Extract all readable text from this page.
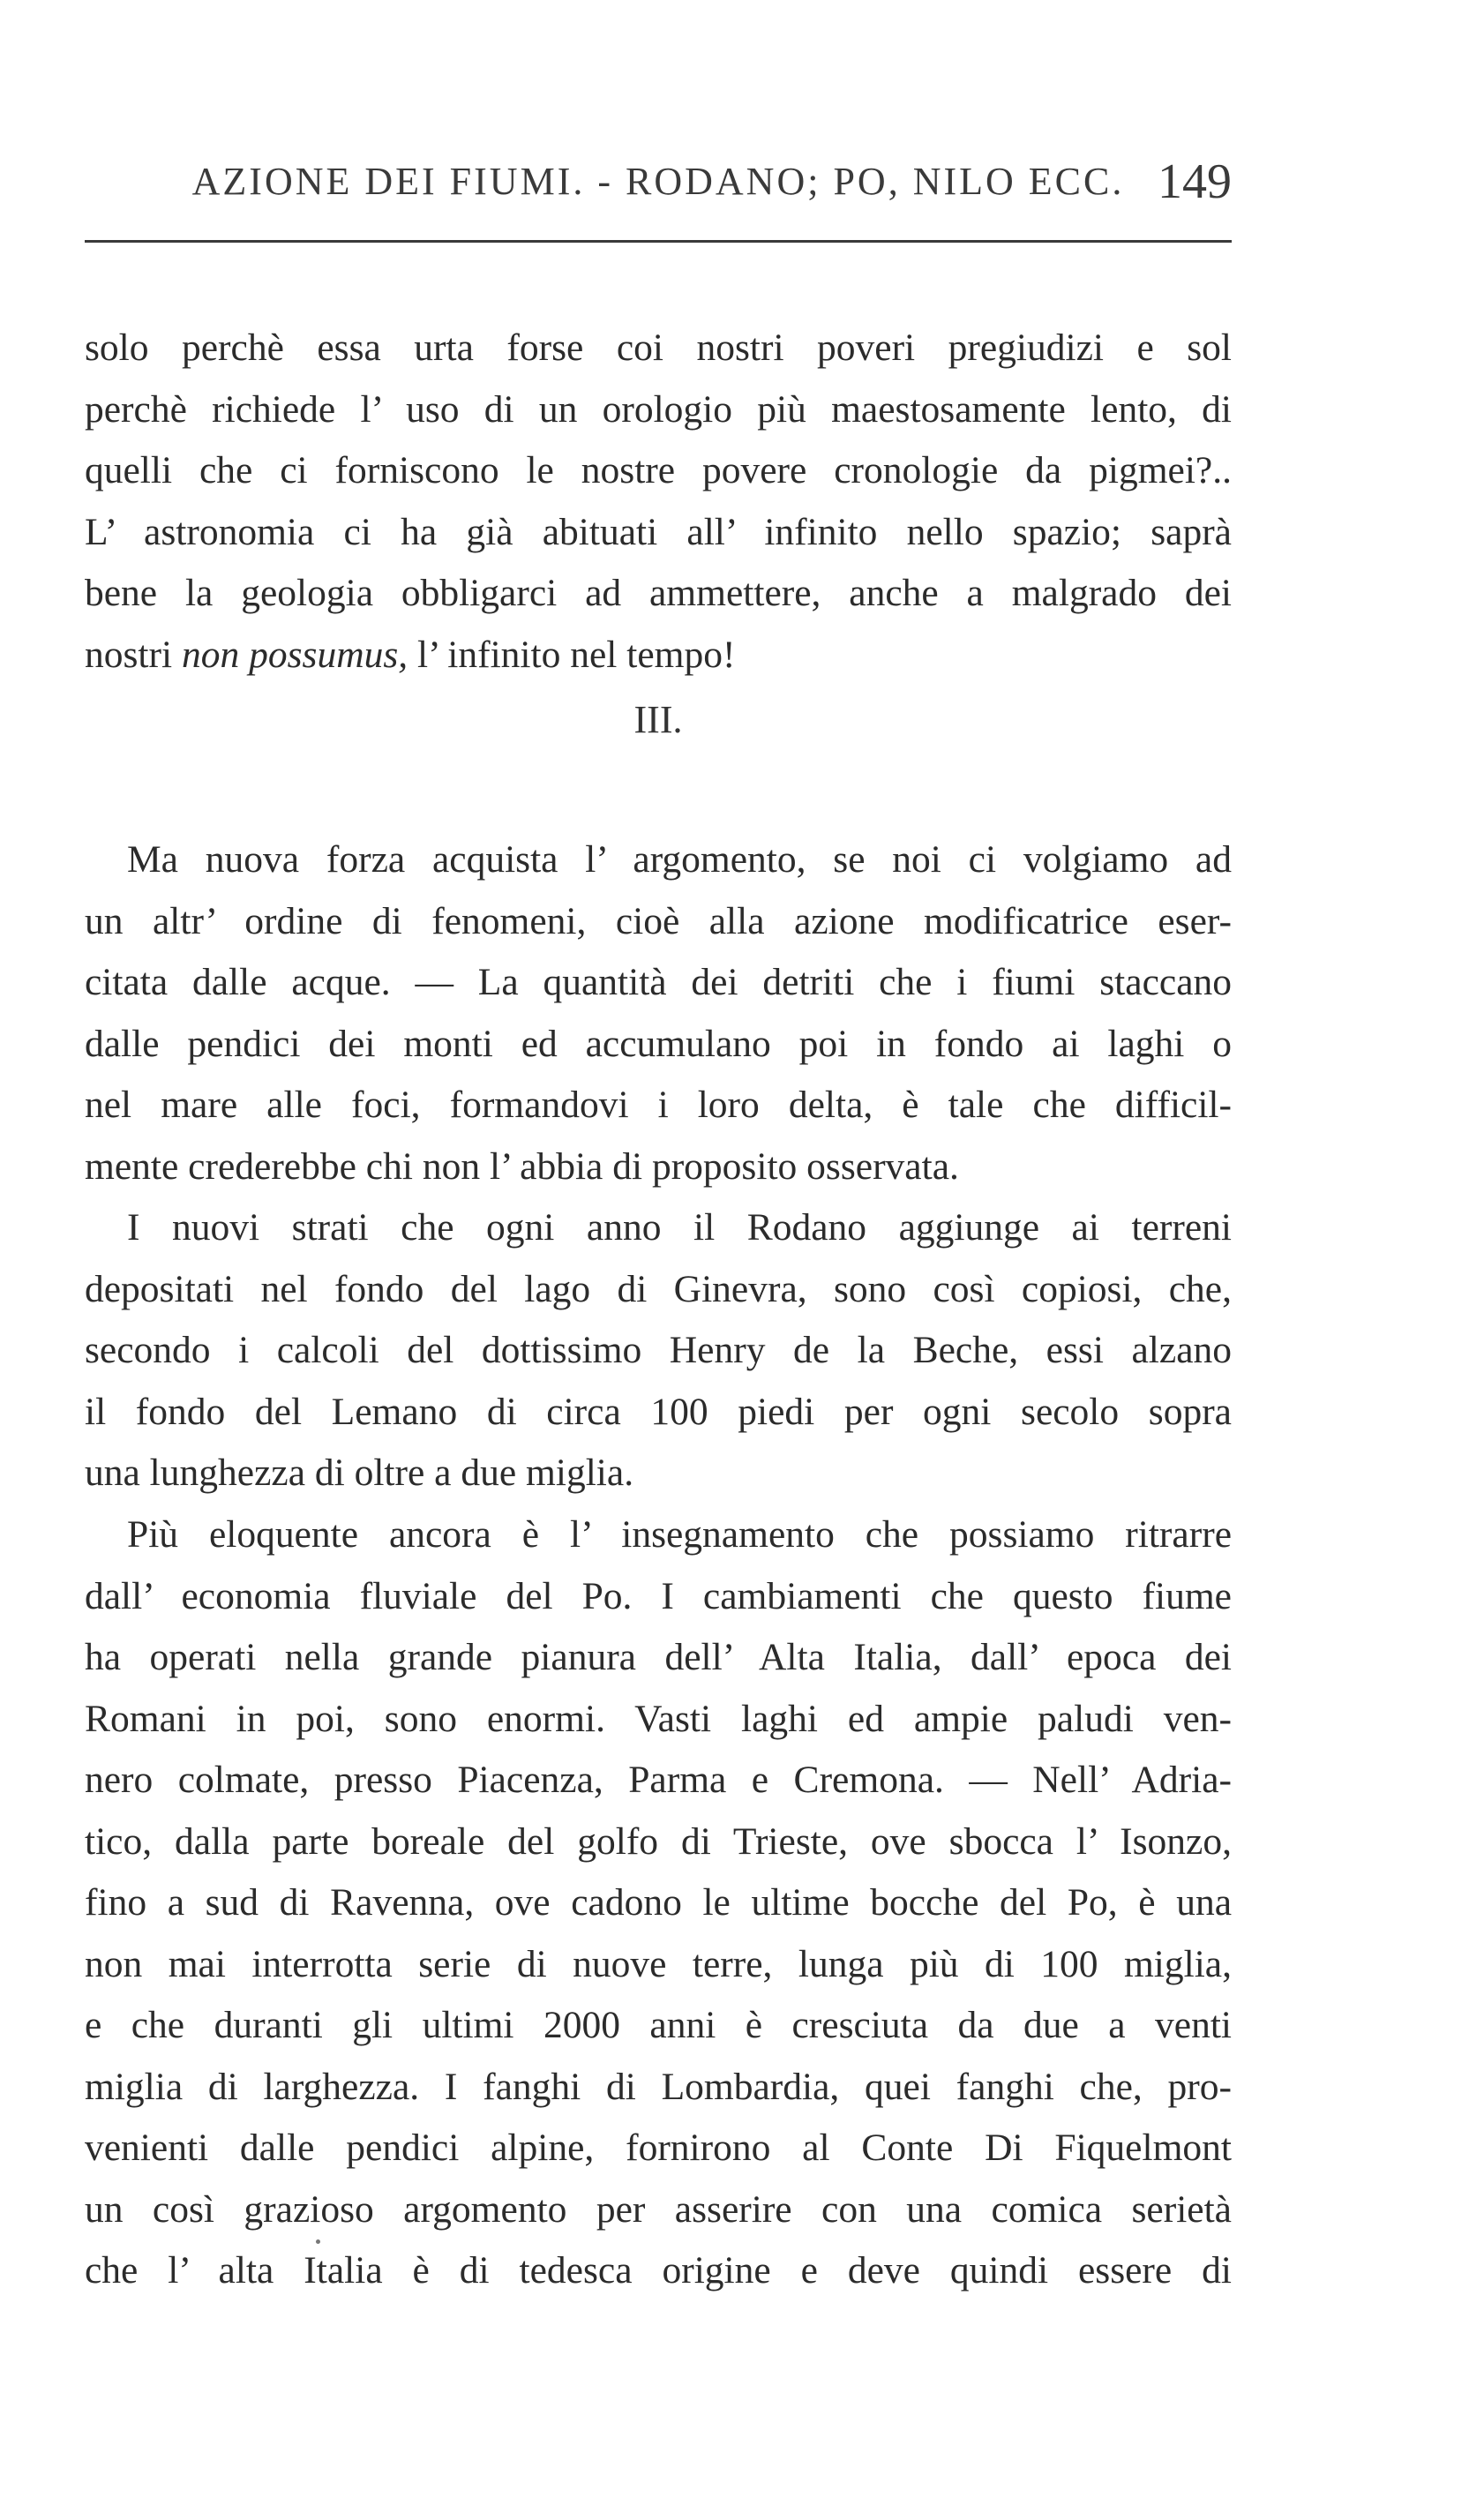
AZIONE DEI FIUMI. - RODANO; PO, NILO ECC. 149
solo perchè essa urta forse coi nostri poveri pregiudizi e sol
perchè richiede l’ uso di un orologio più maestosamente lento, di
quelli che ci forniscono le nostre povere cronologie da pigmei?..
L’ astronomia ci ha già abituati all’ infinito nello spazio; saprà
bene la geologia obbligarci ad ammettere, anche a malgrado dei
nostri non possumus, l’ infinito nel tempo!
III.
Ma nuova forza acquista l’ argomento, se noi ci volgiamo ad
un altr’ ordine di fenomeni, cioè alla azione modificatrice eser-
citata dalle acque. — La quantità dei detriti che i fiumi staccano
dalle pendici dei monti ed accumulano poi in fondo ai laghi o
nel mare alle foci, formandovi i loro delta, è tale che difficil-
mente crederebbe chi non l’ abbia di proposito osservata.
I nuovi strati che ogni anno il Rodano aggiunge ai terreni
depositati nel fondo del lago di Ginevra, sono così copiosi, che,
secondo i calcoli del dottissimo Henry de la Beche, essi alzano
il fondo del Lemano di circa 100 piedi per ogni secolo sopra
una lunghezza di oltre a due miglia.
Più eloquente ancora è l’ insegnamento che possiamo ritrarre
dall’ economia fluviale del Po. I cambiamenti che questo fiume
ha operati nella grande pianura dell’ Alta Italia, dall’ epoca dei
Romani in poi, sono enormi. Vasti laghi ed ampie paludi ven-
nero colmate, presso Piacenza, Parma e Cremona. — Nell’ Adria-
tico, dalla parte boreale del golfo di Trieste, ove sbocca l’ Isonzo,
fino a sud di Ravenna, ove cadono le ultime bocche del Po, è una
non mai interrotta serie di nuove terre, lunga più di 100 miglia,
e che duranti gli ultimi 2000 anni è cresciuta da due a venti
miglia di larghezza. I fanghi di Lombardia, quei fanghi che, pro-
venienti dalle pendici alpine, fornirono al Conte Di Fiquelmont
un così grazioso argomento per asserire con una comica serietà
che l’ alta Italia è di tedesca origine e deve quindi essere di
